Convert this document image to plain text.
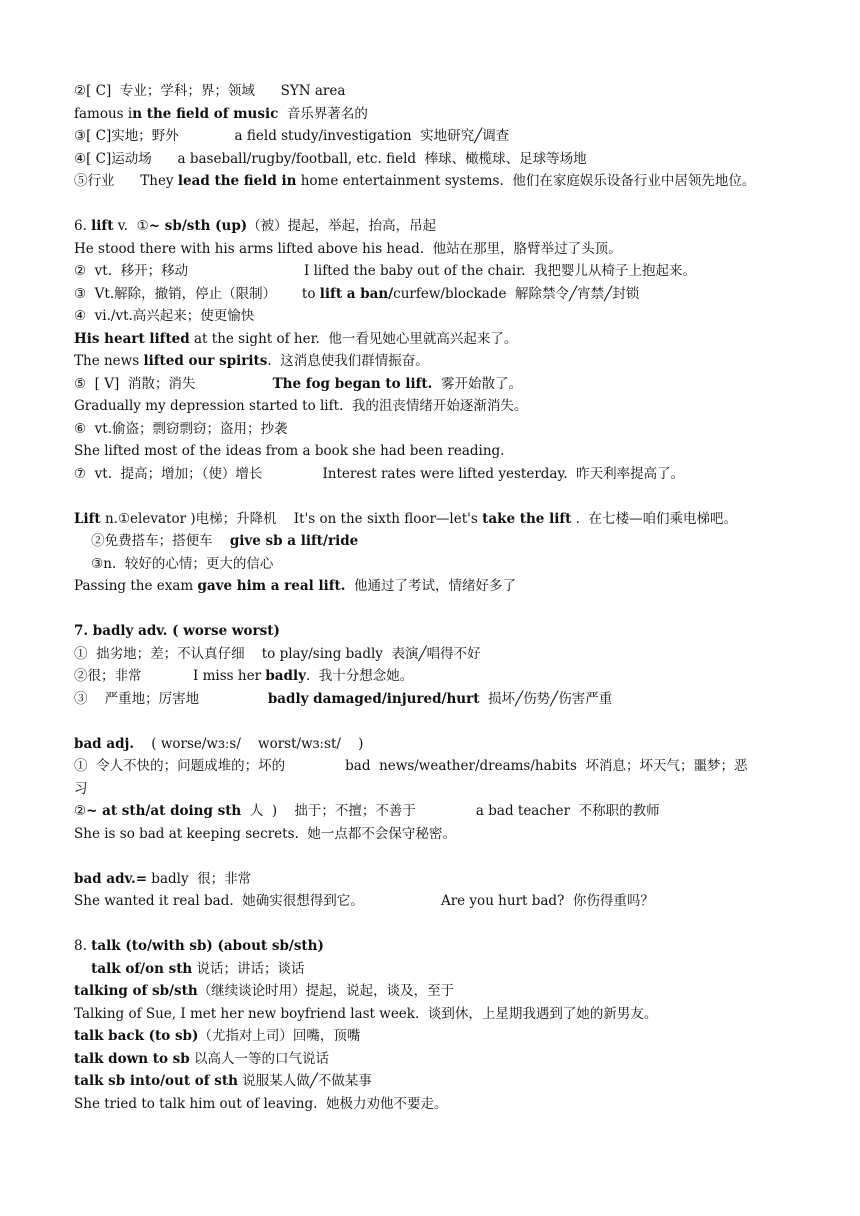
②[ C]  专业；学科；界；领域      SYN area
famous in the field of music  音乐界著名的
③[ C]实地；野外             a field study/investigation  实地研究╱调查
④[ C]运动场      a baseball/rugby/football, etc. field  棒球、橄榄球、足球等场地
⑤行业      They lead the field in home entertainment systems.  他们在家庭娱乐设备行业中居领先地位。
6. lift v.  ①~ sb/sth (up)（被）提起，举起，抬高，吊起
He stood there with his arms lifted above his head.  他站在那里，胳臂举过了头顶。
②  vt.  移开；移动                           I lifted the baby out of the chair.  我把婴儿从椅子上抱起来。
③  Vt.解除，撤销，停止（限制）      to lift a ban/curfew/blockade  解除禁令╱宵禁╱封锁
④  vi./vt.高兴起来；使更愉快
His heart lifted at the sight of her.  他一看见她心里就高兴起来了。
The news lifted our spirits.  这消息使我们群情振奋。
⑤  [ V]  消散；消失                  The fog began to lift.  雾开始散了。
Gradually my depression started to lift.  我的沮丧情绪开始逐渐消失。
⑥  vt.偷盗；剽窃剽窃；盗用；抄袭
She lifted most of the ideas from a book she had been reading.
⑦  vt.  提高；增加；（使）增长              Interest rates were lifted yesterday.  昨天利率提高了。
Lift n.①elevator )电梯；升降机    It's on the sixth floor—let's take the lift .  在七楼—咱们乘电梯吧。
②免费搭车；搭便车    give sb a lift/ride
③n.  较好的心情；更大的信心
Passing the exam gave him a real lift.  他通过了考试，情绪好多了
7. badly adv. ( worse worst)
①  拙劣地；差；不认真仔细    to play/sing badly  表演╱唱得不好
②很；非常            I miss her badly.  我十分想念她。
③    严重地；厉害地                badly damaged/injured/hurt  损坏╱伤势╱伤害严重
bad adj.    ( worse/wɜːs/    worst/wɜːst/    )
①  令人不快的；问题成堆的；坏的              bad  news/weather/dreams/habits  坏消息；坏天气；噩梦；恶
习
②~ at sth/at doing sth  人  )    拙于；不擅；不善于              a bad teacher  不称职的教师
She is so bad at keeping secrets.  她一点都不会保守秘密。
bad adv.= badly  很；非常
She wanted it real bad.  她确实很想得到它。                  Are you hurt bad?  你伤得重吗？
8. talk (to/with sb) (about sb/sth)
talk of/on sth 说话；讲话；谈话
talking of sb/sth（继续谈论时用）提起，说起，谈及，至于
Talking of Sue, I met her new boyfriend last week.  谈到休，上星期我遇到了她的新男友。
talk back (to sb)（尤指对上司）回嘴，顶嘴
talk down to sb 以高人一等的口气说话
talk sb into/out of sth 说服某人做╱不做某事
She tried to talk him out of leaving.  她极力劝他不要走。
